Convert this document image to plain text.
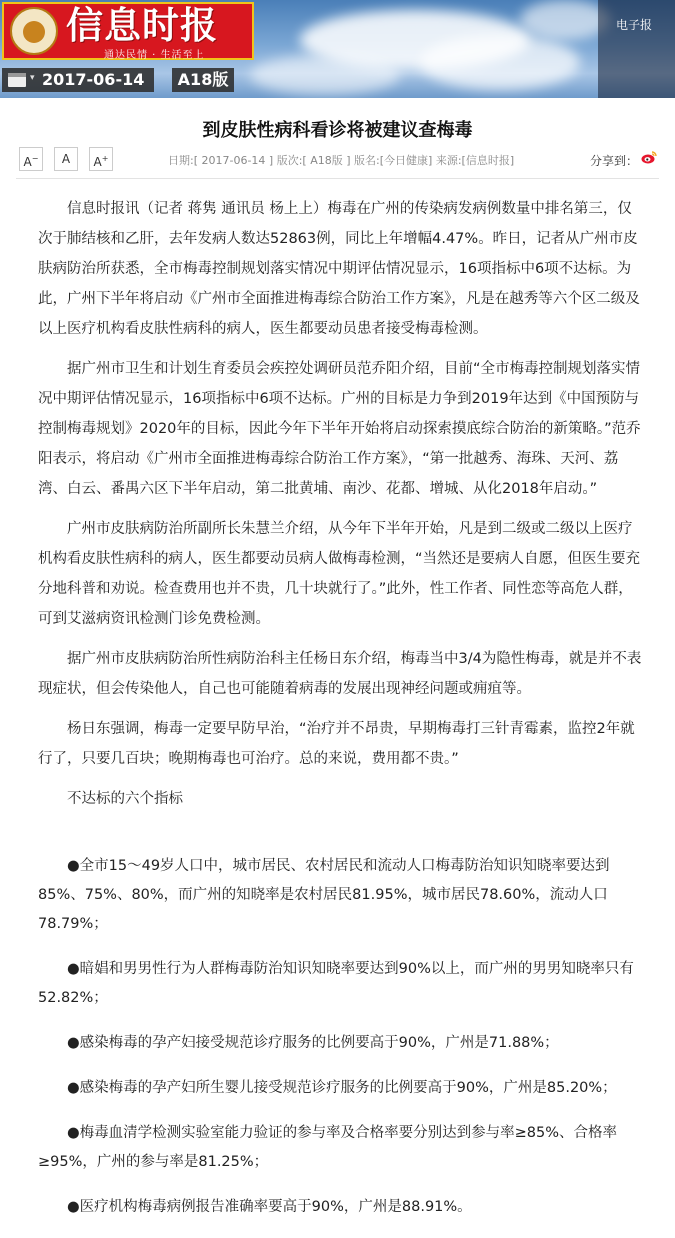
信息时报
通达民情 · 生活至上
电子报
▾ 2017-06-14	A18版
到皮肤性病科看诊将被建议查梅毒
A−	A	A+	日期:[ 2017-06-14 ] 版次:[ A18版 ] 版名:[今日健康] 来源:[信息时报]	分享到：

信息时报讯（记者 蒋隽 通讯员 杨上上）梅毒在广州的传染病发病例数量中排名第三，仅次于肺结核和乙肝，去年发病人数达52863例，同比上年增幅4.47%。昨日，记者从广州市皮肤病防治所获悉，全市梅毒控制规划落实情况中期评估情况显示，16项指标中6项不达标。为此，广州下半年将启动《广州市全面推进梅毒综合防治工作方案》，凡是在越秀等六个区二级及以上医疗机构看皮肤性病科的病人，医生都要动员患者接受梅毒检测。

据广州市卫生和计划生育委员会疾控处调研员范乔阳介绍，目前“全市梅毒控制规划落实情况中期评估情况显示，16项指标中6项不达标。广州的目标是力争到2019年达到《中国预防与控制梅毒规划》2020年的目标，因此今年下半年开始将启动探索摸底综合防治的新策略。”范乔阳表示，将启动《广州市全面推进梅毒综合防治工作方案》，“第一批越秀、海珠、天河、荔湾、白云、番禺六区下半年启动，第二批黄埔、南沙、花都、增城、从化2018年启动。”

广州市皮肤病防治所副所长朱慧兰介绍，从今年下半年开始，凡是到二级或二级以上医疗机构看皮肤性病科的病人，医生都要动员病人做梅毒检测，“当然还是要病人自愿，但医生要充分地科普和劝说。检查费用也并不贵，几十块就行了。”此外，性工作者、同性恋等高危人群，可到艾滋病资讯检测门诊免费检测。

据广州市皮肤病防治所性病防治科主任杨日东介绍，梅毒当中3/4为隐性梅毒，就是并不表现症状，但会传染他人，自己也可能随着病毒的发展出现神经问题或痈疽等。

杨日东强调，梅毒一定要早防早治，“治疗并不昂贵，早期梅毒打三针青霉素，监控2年就行了，只要几百块；晚期梅毒也可治疗。总的来说，费用都不贵。”

不达标的六个指标

●全市15～49岁人口中，城市居民、农村居民和流动人口梅毒防治知识知晓率要达到85%、75%、80%，而广州的知晓率是农村居民81.95%，城市居民78.60%，流动人口78.79%；

●暗娼和男男性行为人群梅毒防治知识知晓率要达到90%以上，而广州的男男知晓率只有52.82%；

●感染梅毒的孕产妇接受规范诊疗服务的比例要高于90%，广州是71.88%；

●感染梅毒的孕产妇所生婴儿接受规范诊疗服务的比例要高于90%，广州是85.20%；

●梅毒血清学检测实验室能力验证的参与率及合格率要分别达到参与率≥85%、合格率≥95%，广州的参与率是81.25%；

●医疗机构梅毒病例报告准确率要高于90%，广州是88.91%。
